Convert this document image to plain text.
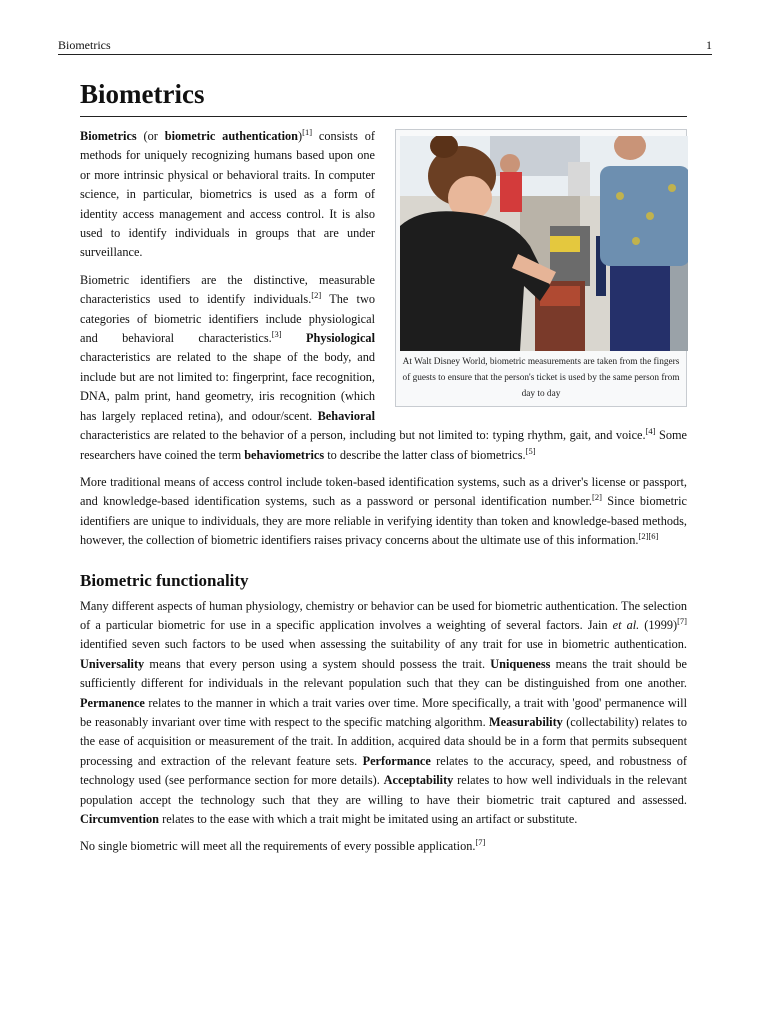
Biometrics	1
Biometrics
At Walt Disney World, biometric measurements are taken from the fingers of guests to ensure that the person's ticket is used by the same person from day to day

Biometrics (or biometric authentication)[1] consists of methods for uniquely recognizing humans based upon one or more intrinsic physical or behavioral traits. In computer science, in particular, biometrics is used as a form of identity access management and access control. It is also used to identify individuals in groups that are under surveillance.

Biometric identifiers are the distinctive, measurable characteristics used to identify individuals.[2] The two categories of biometric identifiers include physiological and behavioral characteristics.[3] Physiological characteristics are related to the shape of the body, and include but are not limited to: fingerprint, face recognition, DNA, palm print, hand geometry, iris recognition (which has largely replaced retina), and odour/scent. Behavioral characteristics are related to the behavior of a person, including but not limited to: typing rhythm, gait, and voice.[4] Some researchers have coined the term behaviometrics to describe the latter class of biometrics.[5]

More traditional means of access control include token-based identification systems, such as a driver's license or passport, and knowledge-based identification systems, such as a password or personal identification number.[2] Since biometric identifiers are unique to individuals, they are more reliable in verifying identity than token and knowledge-based methods, however, the collection of biometric identifiers raises privacy concerns about the ultimate use of this information.[2][6]

Biometric functionality

Many different aspects of human physiology, chemistry or behavior can be used for biometric authentication. The selection of a particular biometric for use in a specific application involves a weighting of several factors. Jain et al. (1999)[7] identified seven such factors to be used when assessing the suitability of any trait for use in biometric authentication. Universality means that every person using a system should possess the trait. Uniqueness means the trait should be sufficiently different for individuals in the relevant population such that they can be distinguished from one another. Permanence relates to the manner in which a trait varies over time. More specifically, a trait with 'good' permanence will be reasonably invariant over time with respect to the specific matching algorithm. Measurability (collectability) relates to the ease of acquisition or measurement of the trait. In addition, acquired data should be in a form that permits subsequent processing and extraction of the relevant feature sets. Performance relates to the accuracy, speed, and robustness of technology used (see performance section for more details). Acceptability relates to how well individuals in the relevant population accept the technology such that they are willing to have their biometric trait captured and assessed. Circumvention relates to the ease with which a trait might be imitated using an artifact or substitute.

No single biometric will meet all the requirements of every possible application.[7]
